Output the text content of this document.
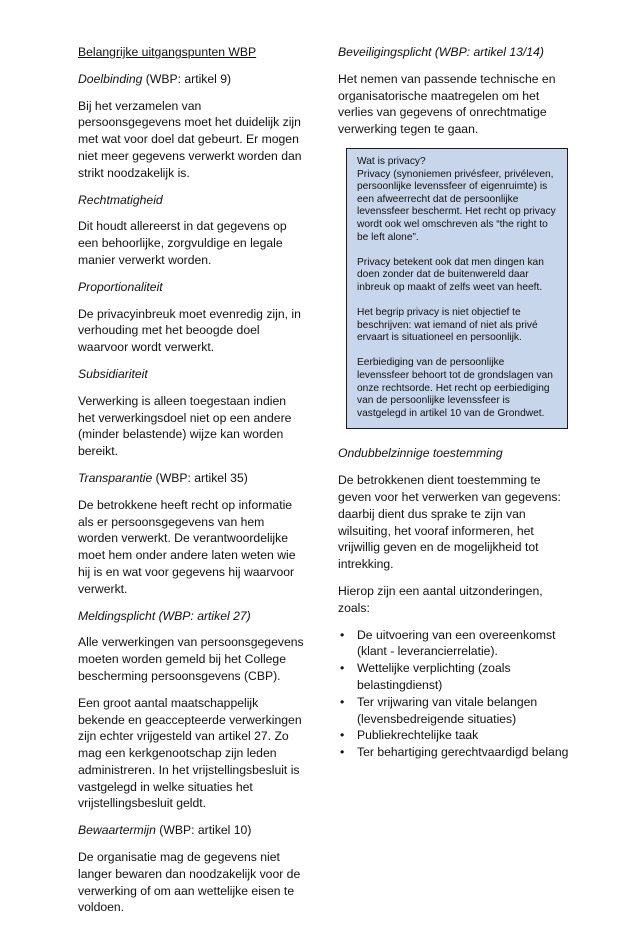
Belangrijke uitgangspunten WBP

Doelbinding (WBP: artikel 9)

Bij het verzamelen van persoonsgegevens moet het duidelijk zijn met wat voor doel dat gebeurt. Er mogen niet meer gegevens verwerkt worden dan strikt noodzakelijk is.

Rechtmatigheid

Dit houdt allereerst in dat gegevens op een behoorlijke, zorgvuldige en legale manier verwerkt worden.

Proportionaliteit

De privacyinbreuk moet evenredig zijn, in verhouding met het beoogde doel waarvoor wordt verwerkt.

Subsidiariteit

Verwerking is alleen toegestaan indien het verwerkingsdoel niet op een andere (minder belastende) wijze kan worden bereikt.

Transparantie (WBP: artikel 35)

De betrokkene heeft recht op informatie als er persoonsgegevens van hem worden verwerkt. De verantwoordelijke moet hem onder andere laten weten wie hij is en wat voor gegevens hij waarvoor verwerkt.

Meldingsplicht (WBP: artikel 27)

Alle verwerkingen van persoonsgegevens moeten worden gemeld bij het College bescherming persoonsgevens (CBP).

Een groot aantal maatschappelijk bekende en geaccepteerde verwerkingen zijn echter vrijgesteld van artikel 27. Zo mag een kerkgenootschap zijn leden administreren. In het vrijstellingsbesluit is vastgelegd in welke situaties het vrijstellingsbesluit geldt.

Bewaartermijn (WBP: artikel 10)

De organisatie mag de gegevens niet langer bewaren dan noodzakelijk voor de verwerking of om aan wettelijke eisen te voldoen.

Beveiligingsplicht (WBP: artikel 13/14)

Het nemen van passende technische en organisatorische maatregelen om het verlies van gegevens of onrechtmatige verwerking tegen te gaan.

Wat is privacy?

Privacy (synoniemen privésfeer, privéleven, persoonlijke levenssfeer of eigenruimte) is een afweerrecht dat de persoonlijke levenssfeer beschermt. Het recht op privacy wordt ook wel omschreven als “the right to be left alone”.

Privacy betekent ook dat men dingen kan doen zonder dat de buitenwereld daar inbreuk op maakt of zelfs weet van heeft.

Het begrip privacy is niet objectief te beschrijven: wat iemand of niet als privé ervaart is situationeel en persoonlijk.

Eerbiediging van de persoonlijke levenssfeer behoort tot de grondslagen van onze rechtsorde. Het recht op eerbiediging van de persoonlijke levenssfeer is vastgelegd in artikel 10 van de Grondwet.

Ondubbelzinnige toestemming

De betrokkenen dient toestemming te geven voor het verwerken van gegevens: daarbij dient dus sprake te zijn van wilsuiting, het vooraf informeren, het vrijwillig geven en de mogelijkheid tot intrekking.

Hierop zijn een aantal uitzonderingen, zoals:

• De uitvoering van een overeenkomst (klant - leverancierrelatie).
• Wettelijke verplichting (zoals belastingdienst)
• Ter vrijwaring van vitale belangen (levensbedreigende situaties)
• Publiekrechtelijke taak
• Ter behartiging gerechtvaardigd belang
